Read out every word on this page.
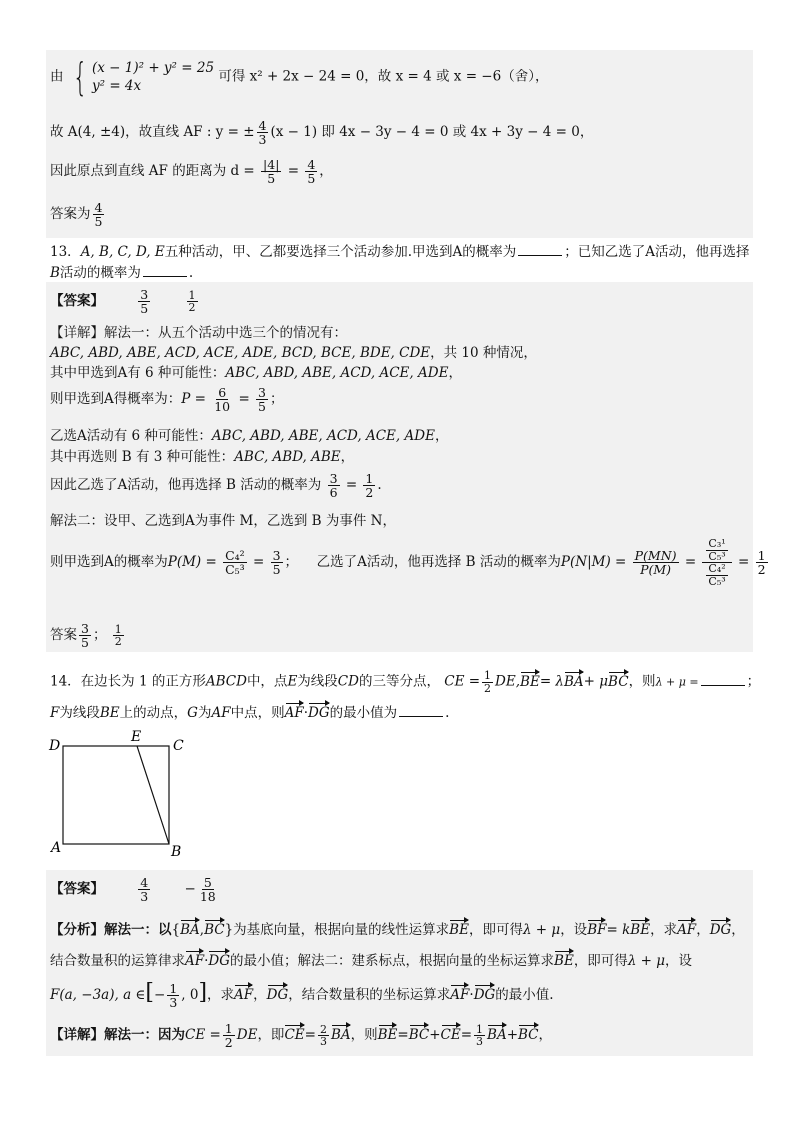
由 { (x − 1)² + y² = 25
y² = 4x
可得 x² + 2x − 24 = 0，故 x = 4 或 x = −6（舍），
故 A(4, ±4)，故直线 AF : y = ± $\frac{4}{3} (x - 1)$ 即 4x − 3y − 4 = 0 或 4x + 3y − 4 = 0，
因此原点到直线 AF 的距离为 $d = \frac{|4|}{5} = \frac{4}{5}$ ，
答案为 $\frac{4}{5}$
13．A, B, C, D, E五种活动，甲、乙都要选择三个活动参加.甲选到A的概率为	；已知乙选了A活动，他再选择
B活动的概率为	.
【答案】	$\frac{3}{5}$
	$\frac{1}{2}$
【详解】解法一：从五个活动中选三个的情况有：
ABC, ABD, ABE, ACD, ACE, ADE, BCD, BCE, BDE, CDE，共 10 种情况，
其中甲选到A有 6 种可能性：ABC, ABD, ABE, ACD, ACE, ADE，
则甲选到A得概率为：$P = \frac{6}{10} = \frac{3}{5}$ ；
乙选A活动有 6 种可能性：ABC, ABD, ABE, ACD, ACE, ADE，
其中再选则 B 有 3 种可能性：ABC, ABD, ABE，
因此乙选了A活动，他再选择 B 活动的概率为 $\frac{3}{6} = \frac{1}{2}$ .
解法二：设甲、乙选到A为事件 M，乙选到 B 为事件 N，
则甲选到A的概率为$P(M) = \frac{\text{C₄²}}{\text{C₅³}} = \frac{3}{5}$ ； 乙选了A活动，他再选择 B 活动的概率为$P(N|M) = \frac{P(MN)}{P(M)} = \frac{\frac{\text{C₃¹}}{\text{C₅³}}}{\frac{\text{C₄²}}{\text{C₅³}}} = \frac{1}{2}$
答案 $\frac{3}{5}$ ； $\frac{1}{2}$
14．在边长为 1 的正方形ABCD中，点E为线段CD的三等分点， CE = $\frac{1}{2} DE,BE= \lambda BA+ \mu BC$，则λ + μ =	；
F为线段BE上的动点，G为AF中点，则AF·DG的最小值为	.
D
E
C
A	B
【答案】	$\frac{4}{3}$	− $\frac{5}{18}$
【分析】解法一：以{BA,BC}为基底向量，根据向量的线性运算求BE，即可得λ + μ，设BF= kBE，求AF，DG，
结合数量积的运算律求AF·DG的最小值；解法二：建系标点，根据向量的坐标运算求BE，即可得λ + μ，设
F(a, −3a), a ∈[− $\frac{1}{3}$ , 0]，求AF，DG，结合数量积的坐标运算求AF·DG的最小值.
【详解】解法一：因为CE = $\frac{1}{2}$ DE，即$CE= \frac{2}{3}$ BA，则$BE=BC+CE= \frac{1}{3} BA+BC$，
